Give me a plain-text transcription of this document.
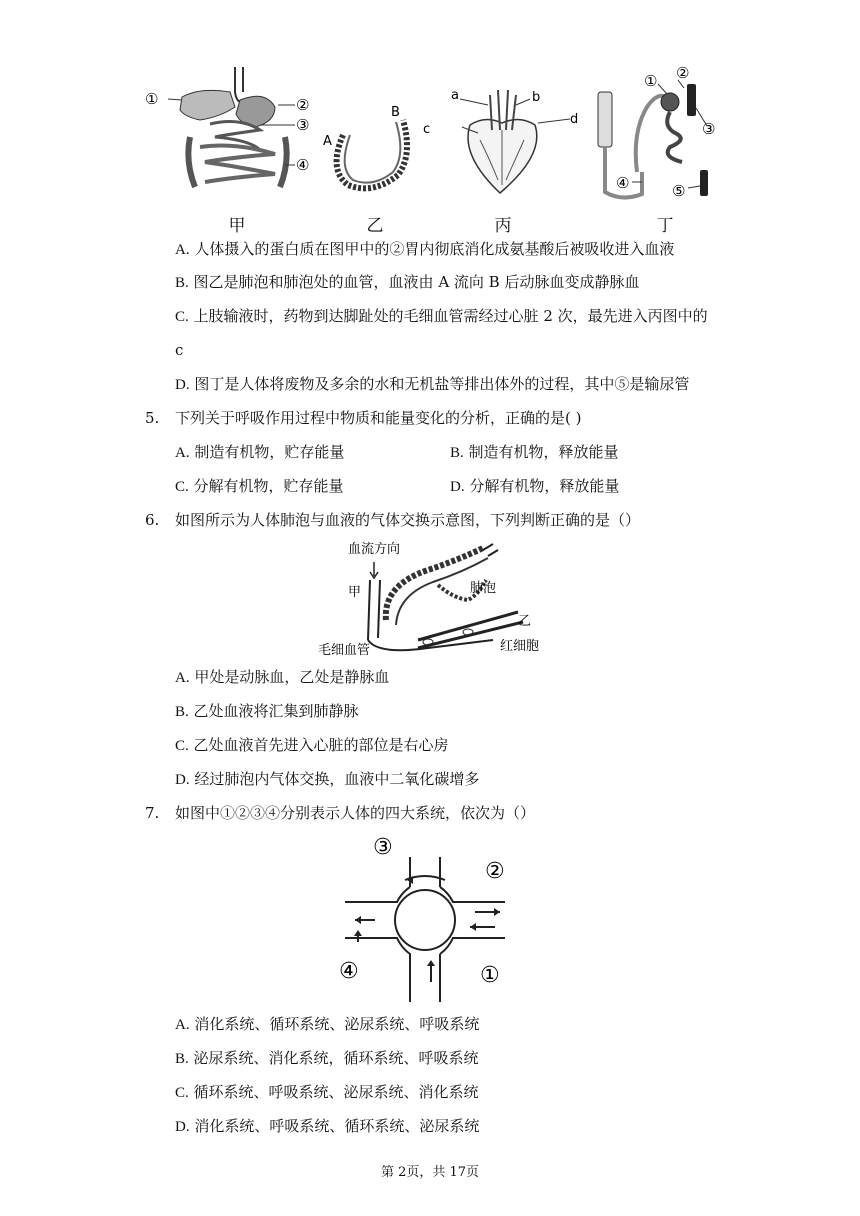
①	②
③
④
A
B
a	b
c
d
① ②
③
④	⑤
甲	乙	丙	丁
A. 人体摄入的蛋白质在图甲中的②胃内彻底消化成氨基酸后被吸收进入血液
B. 图乙是肺泡和肺泡处的血管，血液由 A 流向 B 后动脉血变成静脉血
C. 上肢输液时，药物到达脚趾处的毛细血管需经过心脏 2 次，最先进入丙图中的
c
D. 图丁是人体将废物及多余的水和无机盐等排出体外的过程，其中⑤是输尿管
5. 下列关于呼吸作用过程中物质和能量变化的分析，正确的是( )
A. 制造有机物，贮存能量	B. 制造有机物，释放能量
C. 分解有机物，贮存能量	D. 分解有机物，释放能量
6. 如图所示为人体肺泡与血液的气体交换示意图，下列判断正确的是（）
血流方向
甲	肺泡
乙
毛细血管	红细胞
A. 甲处是动脉血，乙处是静脉血
B. 乙处血液将汇集到肺静脉
C. 乙处血液首先进入心脏的部位是右心房
D. 经过肺泡内气体交换，血液中二氧化碳增多
7. 如图中①②③④分别表示人体的四大系统，依次为（）
③
②
④	①
A. 消化系统、循环系统、泌尿系统、呼吸系统
B. 泌尿系统、消化系统，循环系统、呼吸系统
C. 循环系统、呼吸系统、泌尿系统、消化系统
D. 消化系统、呼吸系统、循环系统、泌尿系统
第 2页，共 17页
